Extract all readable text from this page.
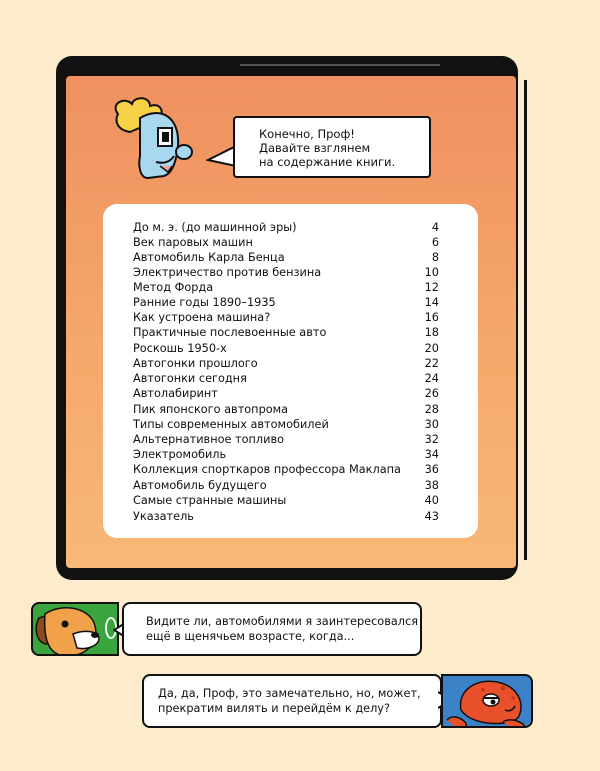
Конечно, Проф!
Давайте взглянем
на содержание книги.
До м. э. (до машинной эры)	4
Век паровых машин	6
Автомобиль Карла Бенца	8
Электричество против бензина	10
Метод Форда	12
Ранние годы 1890–1935	14
Как устроена машина?	16
Практичные послевоенные авто	18
Роскошь 1950-х	20
Автогонки прошлого	22
Автогонки сегодня	24
Автолабиринт	26
Пик японского автопрома	28
Типы современных автомобилей	30
Альтернативное топливо	32
Электромобиль	34
Коллекция спорткаров профессора Маклапа 36
Автомобиль будущего	38
Самые странные машины	40
Указатель	43
Видите ли, автомобилями я заинтересовался
ещё в щенячьем возрасте, когда...
Да, да, Проф, это замечательно, но, может,
прекратим вилять и перейдём к делу?
